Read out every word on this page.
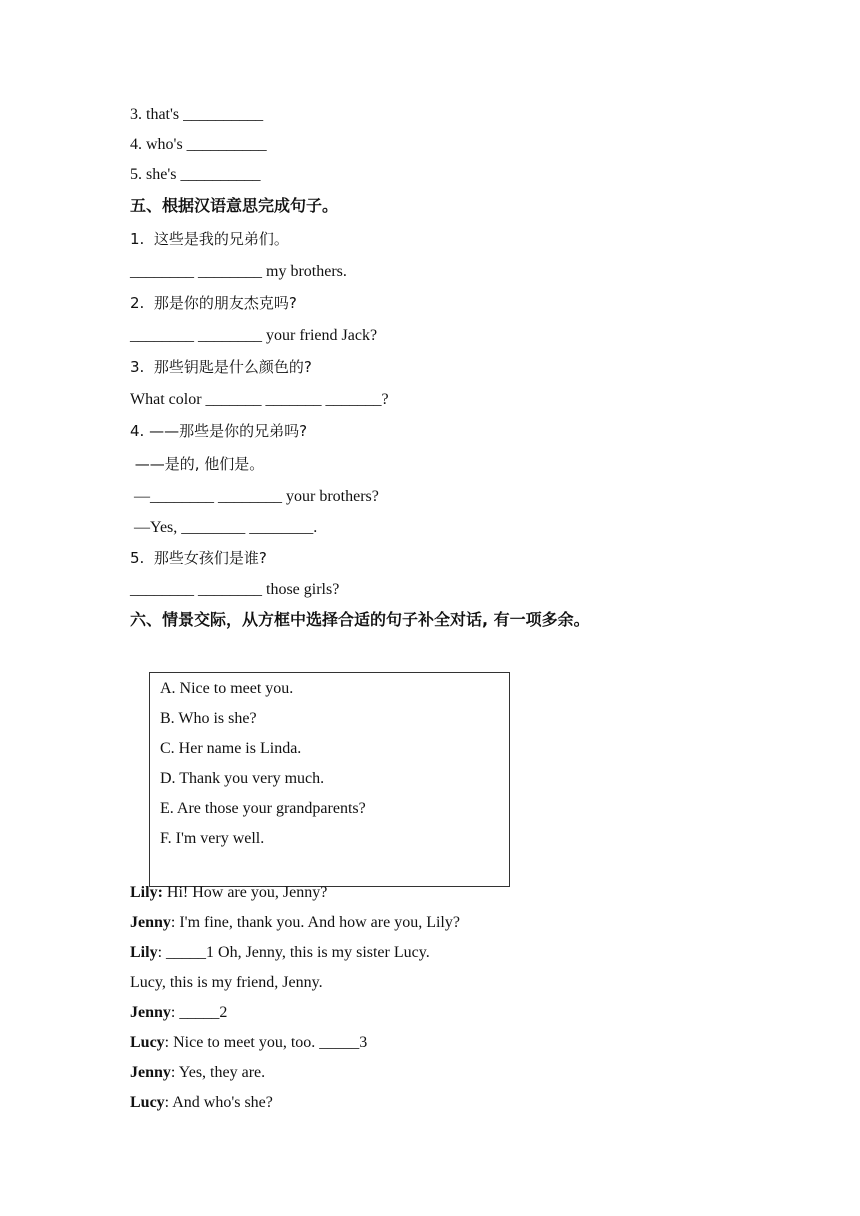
3. that's __________
4. who's __________
5. she's __________
五、根据汉语意思完成句子。
1.  这些是我的兄弟们。
________ ________ my brothers.
2.  那是你的朋友杰克吗?
________ ________ your friend Jack?
3.  那些钥匙是什么颜色的?
What color _______ _______ _______?
4. ——那些是你的兄弟吗?
——是的, 他们是。
—________ ________ your brothers?
—Yes, ________ ________.
5.  那些女孩们是谁?
________ ________ those girls?
六、情景交际，从方框中选择合适的句子补全对话, 有一项多余。
A. Nice to meet you.
B. Who is she?
C. Her name is Linda.
D. Thank you very much.
E. Are those your grandparents?
F. I'm very well.
Lily: Hi! How are you, Jenny?
Jenny: I'm fine, thank you. And how are you, Lily?
Lily: _____1 Oh, Jenny, this is my sister Lucy.
Lucy, this is my friend, Jenny.
Jenny: _____2
Lucy: Nice to meet you, too. _____3
Jenny: Yes, they are.
Lucy: And who's she?
